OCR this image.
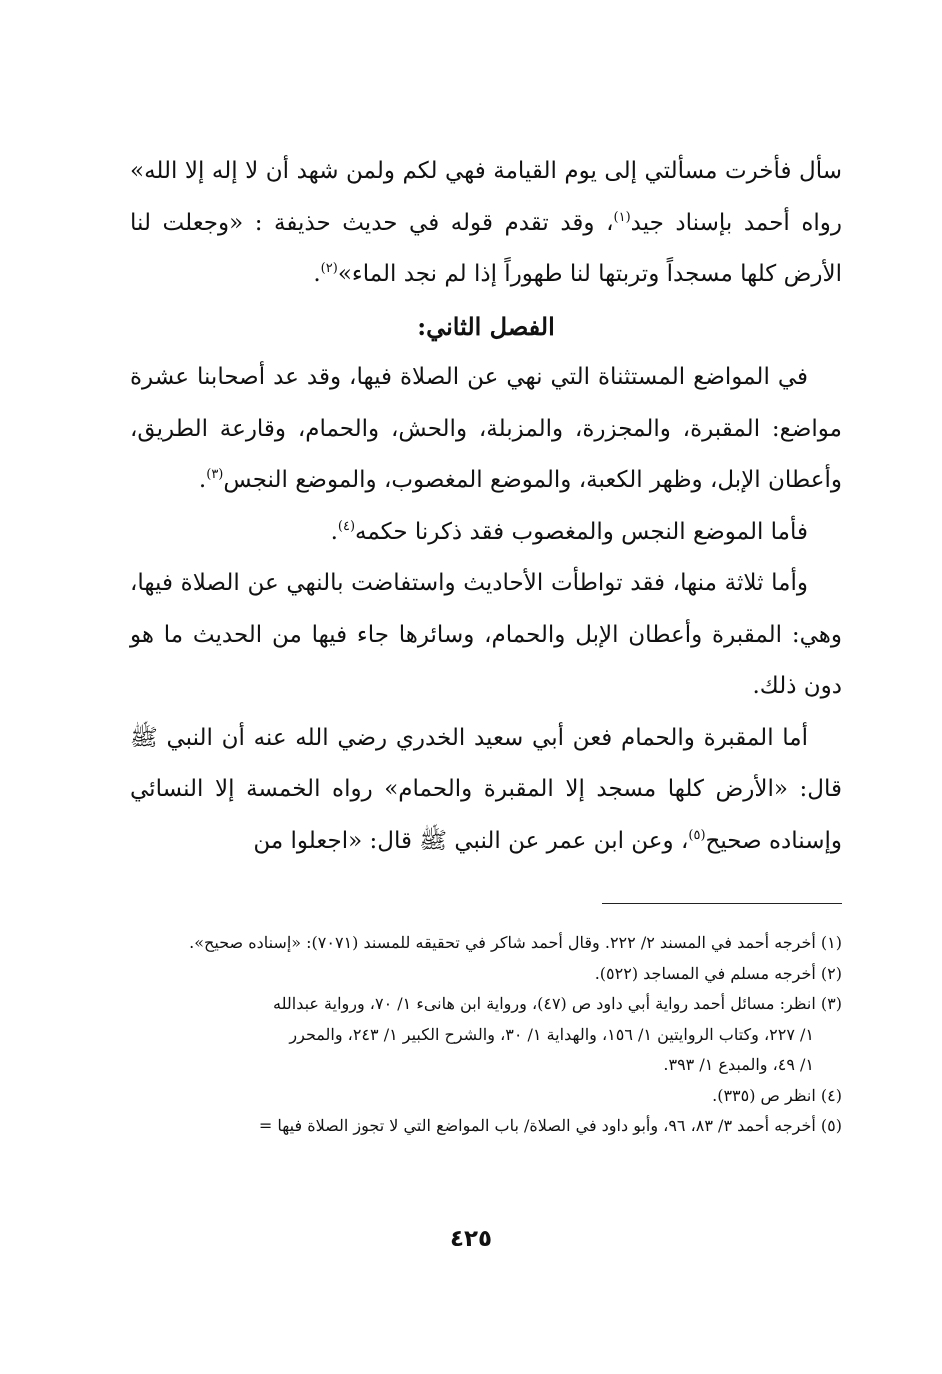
سأل فأخرت مسألتي إلى يوم القيامة فهي لكم ولمن شهد أن لا إله إلا الله» رواه أحمد بإسناد جيد$^{(١)}$، وقد تقدم قوله في حديث حذيفة : «وجعلت لنا الأرض كلها مسجداً وتربتها لنا طهوراً إذا لم نجد الماء»$^{(٢)}$.

الفصل الثاني:

في المواضع المستثناة التي نهي عن الصلاة فيها، وقد عد أصحابنا عشرة مواضع: المقبرة، والمجزرة، والمزبلة، والحش، والحمام، وقارعة الطريق، وأعطان الإبل، وظهر الكعبة، والموضع المغصوب، والموضع النجس$^{(٣)}$.

فأما الموضع النجس والمغصوب فقد ذكرنا حكمه$^{(٤)}$.

وأما ثلاثة منها، فقد تواطأت الأحاديث واستفاضت بالنهي عن الصلاة فيها، وهي: المقبرة وأعطان الإبل والحمام، وسائرها جاء فيها من الحديث ما هو دون ذلك.

أما المقبرة والحمام فعن أبي سعيد الخدري رضي الله عنه أن النبي ﷺ قال: «الأرض كلها مسجد إلا المقبرة والحمام» رواه الخمسة إلا النسائي وإسناده صحيح$^{(٥)}$، وعن ابن عمر عن النبي ﷺ قال: «اجعلوا من

(١) أخرجه أحمد في المسند ٢/ ٢٢٢. وقال أحمد شاكر في تحقيقه للمسند (٧٠٧١): «إسناده صحيح».

(٢) أخرجه مسلم في المساجد (٥٢٢).

(٣) انظر: مسائل أحمد رواية أبي داود ص (٤٧)، ورواية ابن هانىء ١/ ٧٠، ورواية عبدالله

١/ ٢٢٧، وكتاب الروايتين ١/ ١٥٦، والهداية ١/ ٣٠، والشرح الكبير ١/ ٢٤٣، والمحرر

١/ ٤٩، والمبدع ١/ ٣٩٣.

(٤) انظر ص (٣٣٥).

(٥) أخرجه أحمد ٣/ ٨٣، ٩٦، وأبو داود في الصلاة/ باب المواضع التي لا تجوز الصلاة فيها =

٤٢٥
